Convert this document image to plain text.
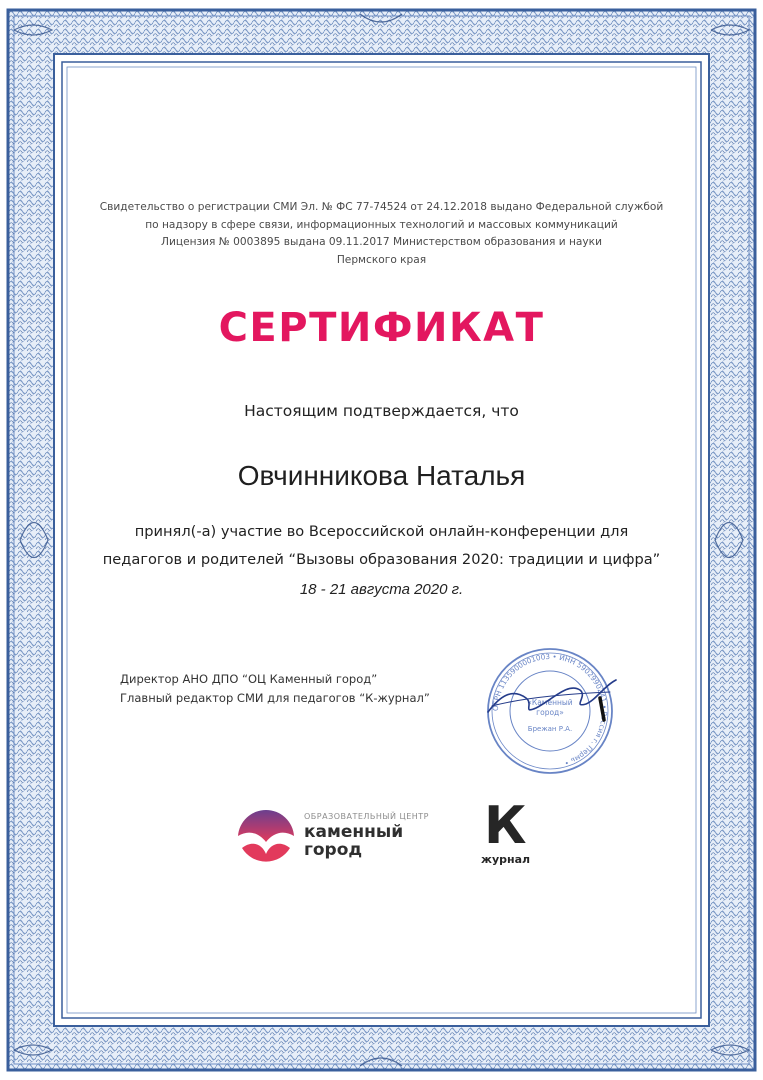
Свидетельство о регистрации СМИ Эл. № ФС 77-74524 от 24.12.2018 выдано Федеральной службой
по надзору в сфере связи, информационных технологий и массовых коммуникаций
Лицензия № 0003895 выдана 09.11.2017 Министерством образования и науки
Пермского края
СЕРТИФИКАТ
Настоящим подтверждается, что
Овчинникова Наталья
принял(-а) участие во Всероссийской онлайн-конференции для
педагогов и родителей “Вызовы образования 2020: традиции и цифра”
18 - 21 августа 2020 г.
Директор АНО ДПО “ОЦ Каменный город”
Главный редактор СМИ для педагогов “К-журнал”
ОГРН 1135900001003 • ИНН 5902990241 • Россия г. Пермь •
«Каменный
город»
Брежан Р.А.
ОБРАЗОВАТЕЛЬНЫЙ ЦЕНТР
каменный
город	К
журнал
